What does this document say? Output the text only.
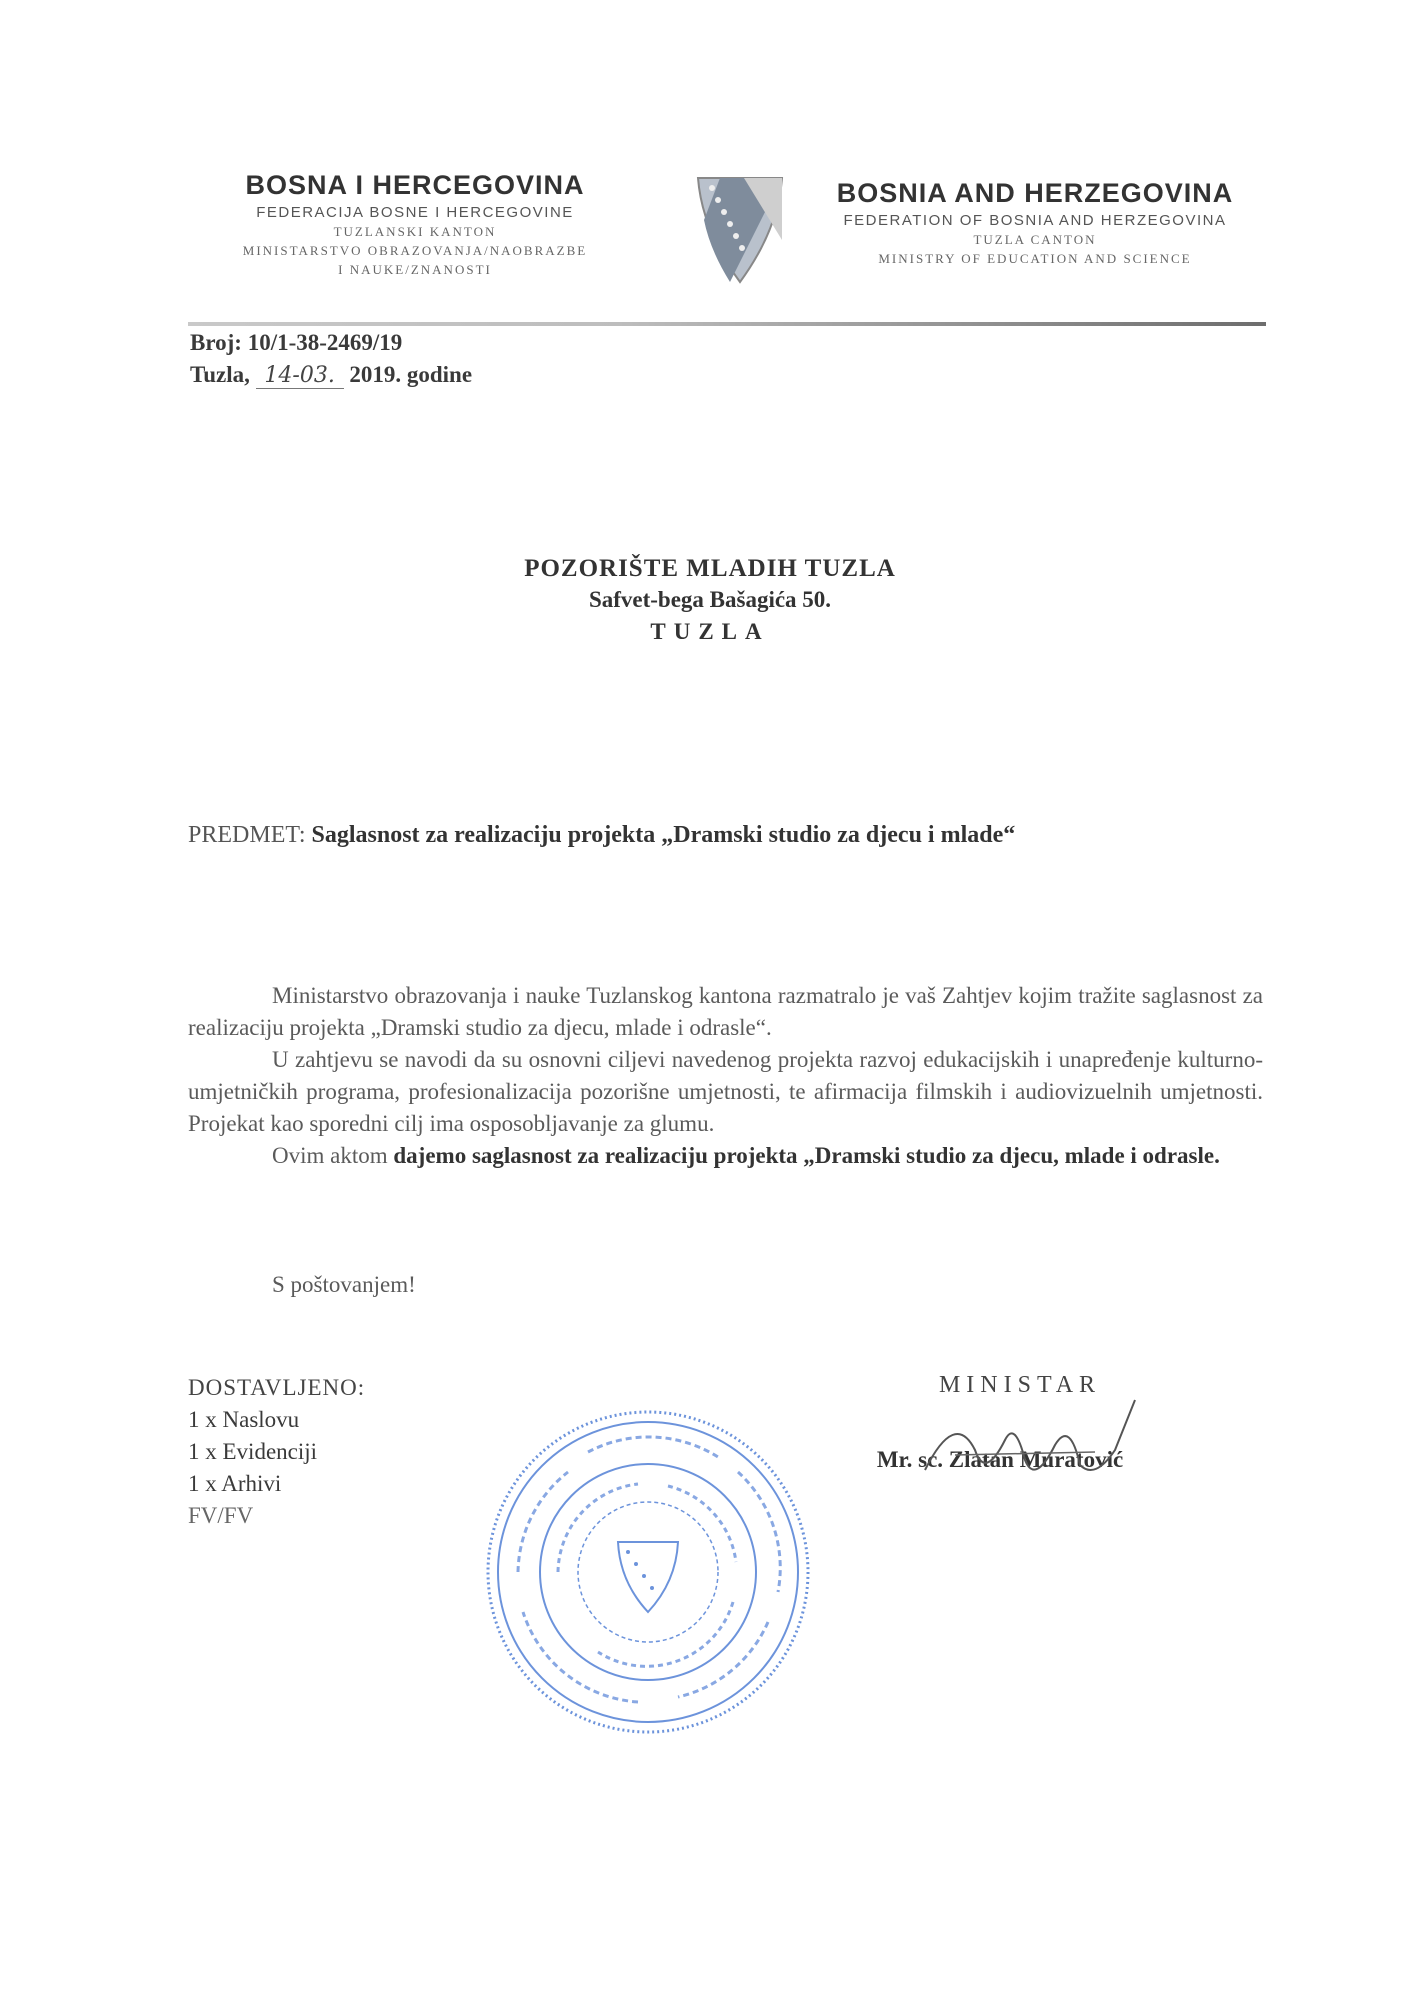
BOSNA I HERCEGOVINA
FEDERACIJA BOSNE I HERCEGOVINE
TUZLANSKI KANTON
MINISTARSTVO OBRAZOVANJA/NAOBRAZBE
I NAUKE/ZNANOSTI
BOSNIA AND HERZEGOVINA
FEDERATION OF BOSNIA AND HERZEGOVINA
TUZLA CANTON
MINISTRY OF EDUCATION AND SCIENCE
Broj: 10/1-38-2469/19
Tuzla, 14-03. 2019. godine
POZORIŠTE MLADIH TUZLA
Safvet-bega Bašagića 50.
TUZLA
PREDMET: Saglasnost za realizaciju projekta „Dramski studio za djecu i mlade“

Ministarstvo obrazovanja i nauke Tuzlanskog kantona razmatralo je vaš Zahtjev kojim tražite saglasnost za realizaciju projekta „Dramski studio za djecu, mlade i odrasle“.

U zahtjevu se navodi da su osnovni ciljevi navedenog projekta razvoj edukacijskih i unapređenje kulturno-umjetničkih programa, profesionalizacija pozorišne umjetnosti, te afirmacija filmskih i audiovizuelnih umjetnosti. Projekat kao sporedni cilj ima osposobljavanje za glumu.

Ovim aktom dajemo saglasnost za realizaciju projekta „Dramski studio za djecu, mlade i odrasle.

S poštovanjem!
DOSTAVLJENO:
1 x Naslovu
1 x Evidenciji
1 x Arhivi
FV/FV
MINISTAR
Mr. sc. Zlatan Muratović
